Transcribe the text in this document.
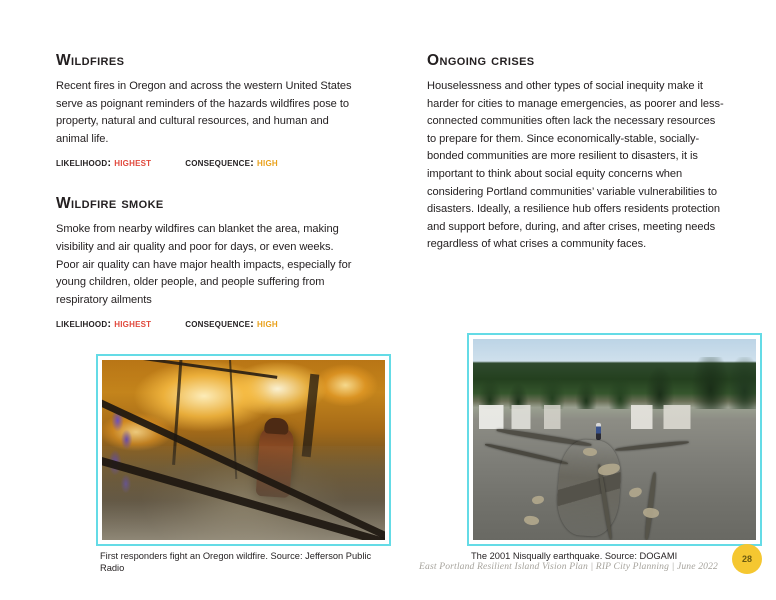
Wildfires

Recent fires in Oregon and across the western United States serve as poignant reminders of the hazards wildfires pose to property, natural and cultural resources, and human and animal life.

likelihood: highest	consequence: high
Wildfire smoke

Smoke from nearby wildfires can blanket the area, making visibility and air quality and poor for days, or even weeks. Poor air quality can have major health impacts, especially for young children, older people, and people suffering from respiratory ailments

likelihood: highest	consequence: high
Ongoing crises

Houselessness and other types of social inequity make it harder for cities to manage emergencies, as poorer and less-connected communities often lack the necessary resources to prepare for them. Since economically-stable, socially-bonded communities are more resilient to disasters, it is important to think about social equity concerns when considering Portland communities’ variable vulnerabilities to disasters. Ideally, a resilience hub offers residents protection and support before, during, and after crises, meeting needs regardless of what crises a community faces.

First responders fight an Oregon wildfire. Source: Jefferson Public Radio
The 2001 Nisqually earthquake. Source: DOGAMI
East Portland Resilient Island Vision Plan | RIP City Planning | June 2022
28
